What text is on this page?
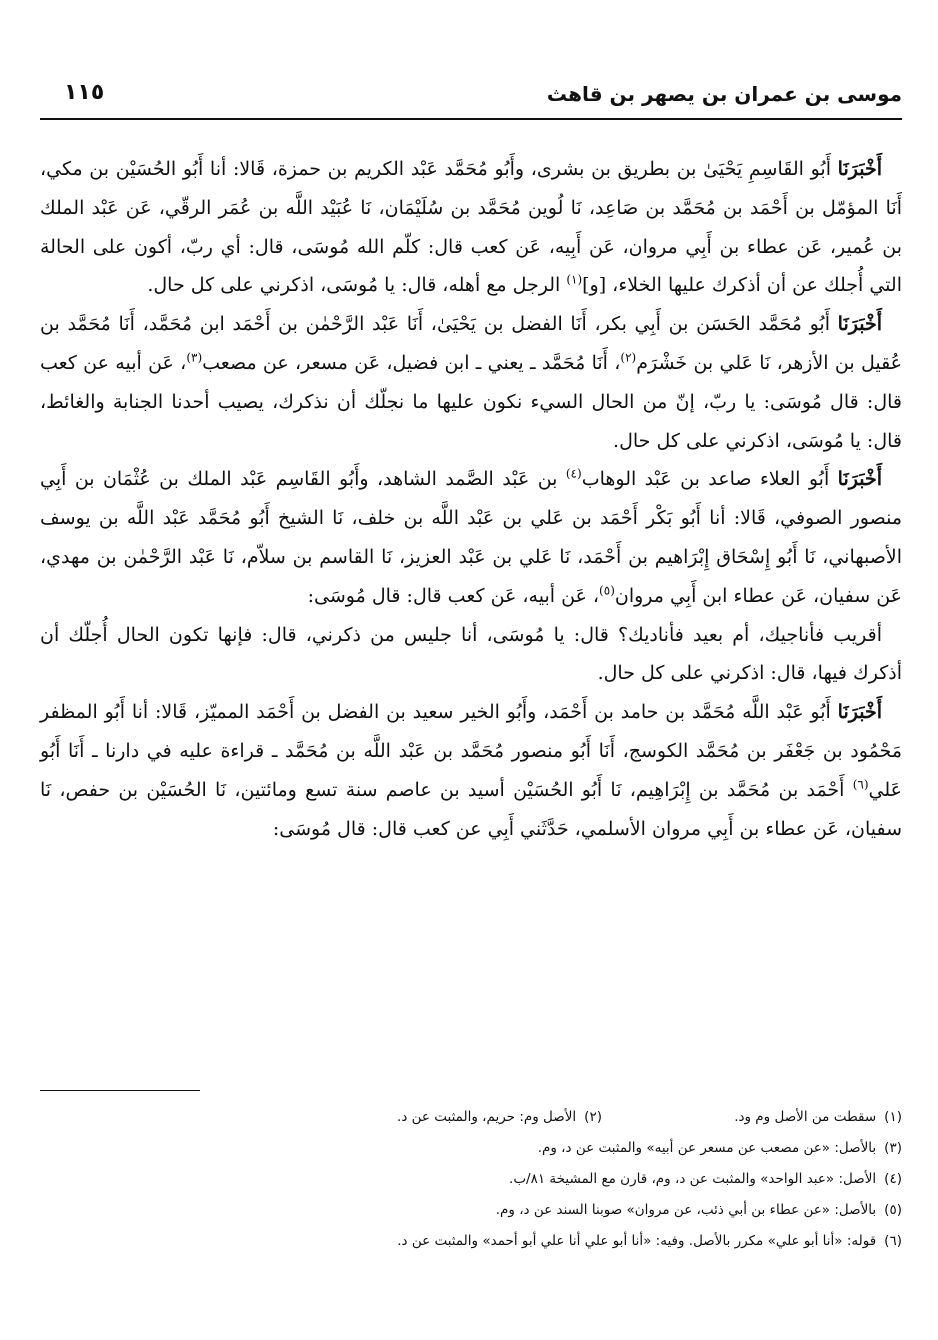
موسى بن عمران بن يصهر بن قاهث
١١٥

أَخْبَرَنَا أَبُو القَاسِمِ يَحْيَىٰ بن بطريق بن بشرى، وأَبُو مُحَمَّد عَبْد الكريم بن حمزة، قَالا: أنا أَبُو الحُسَيْن بن مكي، أَنَا المؤمّل بن أَحْمَد بن مُحَمَّد بن صَاعِد، نَا لُوين مُحَمَّد بن سُلَيْمَان، نَا عُبَيْد اللَّه بن عُمَر الرقّي، عَن عَبْد الملك بن عُمير، عَن عطاء بن أَبِي مروان، عَن أَبِيه، عَن كعب قال: كلّم الله مُوسَى، قال: أي ربّ، أكون على الحالة التي أُجلك عن أن أذكرك عليها الخلاء، [و]$^{(١)}$ الرجل مع أهله، قال: يا مُوسَى، اذكرني على كل حال.

أَخْبَرَنَا أَبُو مُحَمَّد الحَسَن بن أَبِي بكر، أَنَا الفضل بن يَحْيَىٰ، أَنَا عَبْد الرَّحْمٰن بن أَحْمَد ابن مُحَمَّد، أَنَا مُحَمَّد بن عُقيل بن الأزهر، نَا عَلي بن خَشْرَم$^{(٢)}$، أَنَا مُحَمَّد ـ يعني ـ ابن فضيل، عَن مسعر، عن مصعب$^{(٣)}$، عَن أبيه عن كعب قال: قال مُوسَى: يا ربّ، إنّ من الحال السيء نكون عليها ما نجلّك أن نذكرك، يصيب أحدنا الجنابة والغائط، قال: يا مُوسَى، اذكرني على كل حال.

أَخْبَرَنَا أَبُو العلاء صاعد بن عَبْد الوهاب$^{(٤)}$ بن عَبْد الصَّمد الشاهد، وأَبُو القَاسِم عَبْد الملك بن عُثْمَان بن أَبِي منصور الصوفي، قَالا: أنا أَبُو بَكْر أَحْمَد بن عَلي بن عَبْد اللَّه بن خلف، نَا الشيخ أَبُو مُحَمَّد عَبْد اللَّه بن يوسف الأصبهاني، نَا أَبُو إِسْحَاق إِبْرَاهيم بن أَحْمَد، نَا عَلي بن عَبْد العزيز، نَا القاسم بن سلاّم، نَا عَبْد الرَّحْمٰن بن مهدي، عَن سفيان، عَن عطاء ابن أَبِي مروان$^{(٥)}$، عَن أبيه، عَن كعب قال: قال مُوسَى:

أقريب فأناجيك، أم بعيد فأناديك؟ قال: يا مُوسَى، أنا جليس من ذكرني، قال: فإنها تكون الحال أُجلّك أن أذكرك فيها، قال: اذكرني على كل حال.

أَخْبَرَنَا أَبُو عَبْد اللَّه مُحَمَّد بن حامد بن أَحْمَد، وأَبُو الخير سعيد بن الفضل بن أَحْمَد المميّز، قَالا: أنا أَبُو المظفر مَحْمُود بن جَعْفَر بن مُحَمَّد الكوسج، أَنَا أَبُو منصور مُحَمَّد بن عَبْد اللَّه بن مُحَمَّد ـ قراءة عليه في دارنا ـ أَنَا أَبُو عَلي$^{(٦)}$ أَحْمَد بن مُحَمَّد بن إِبْرَاهِيم، نَا أَبُو الحُسَيْن أسيد بن عاصم سنة تسع ومائتين، نَا الحُسَيْن بن حفص، نَا سفيان، عَن عطاء بن أَبِي مروان الأسلمي، حَدَّثَني أَبِي عن كعب قال: قال مُوسَى:

(١)سقطت من الأصل وم ود.
(٢)الأصل وم: حريم، والمثبت عن د.
(٣)بالأصل: «عن مصعب عن مسعر عن أبيه» والمثبت عن د، وم.
(٤)الأصل: «عبد الواحد» والمثبت عن د، وم، قارن مع المشيخة ٨١/ب.
(٥)بالأصل: «عن عطاء بن أبي ذئب، عن مروان» صوبنا السند عن د، وم.
(٦)قوله: «أنا أبو علي» مكرر بالأصل. وفيه: «أنا أبو علي أنا علي أبو أحمد» والمثبت عن د.
